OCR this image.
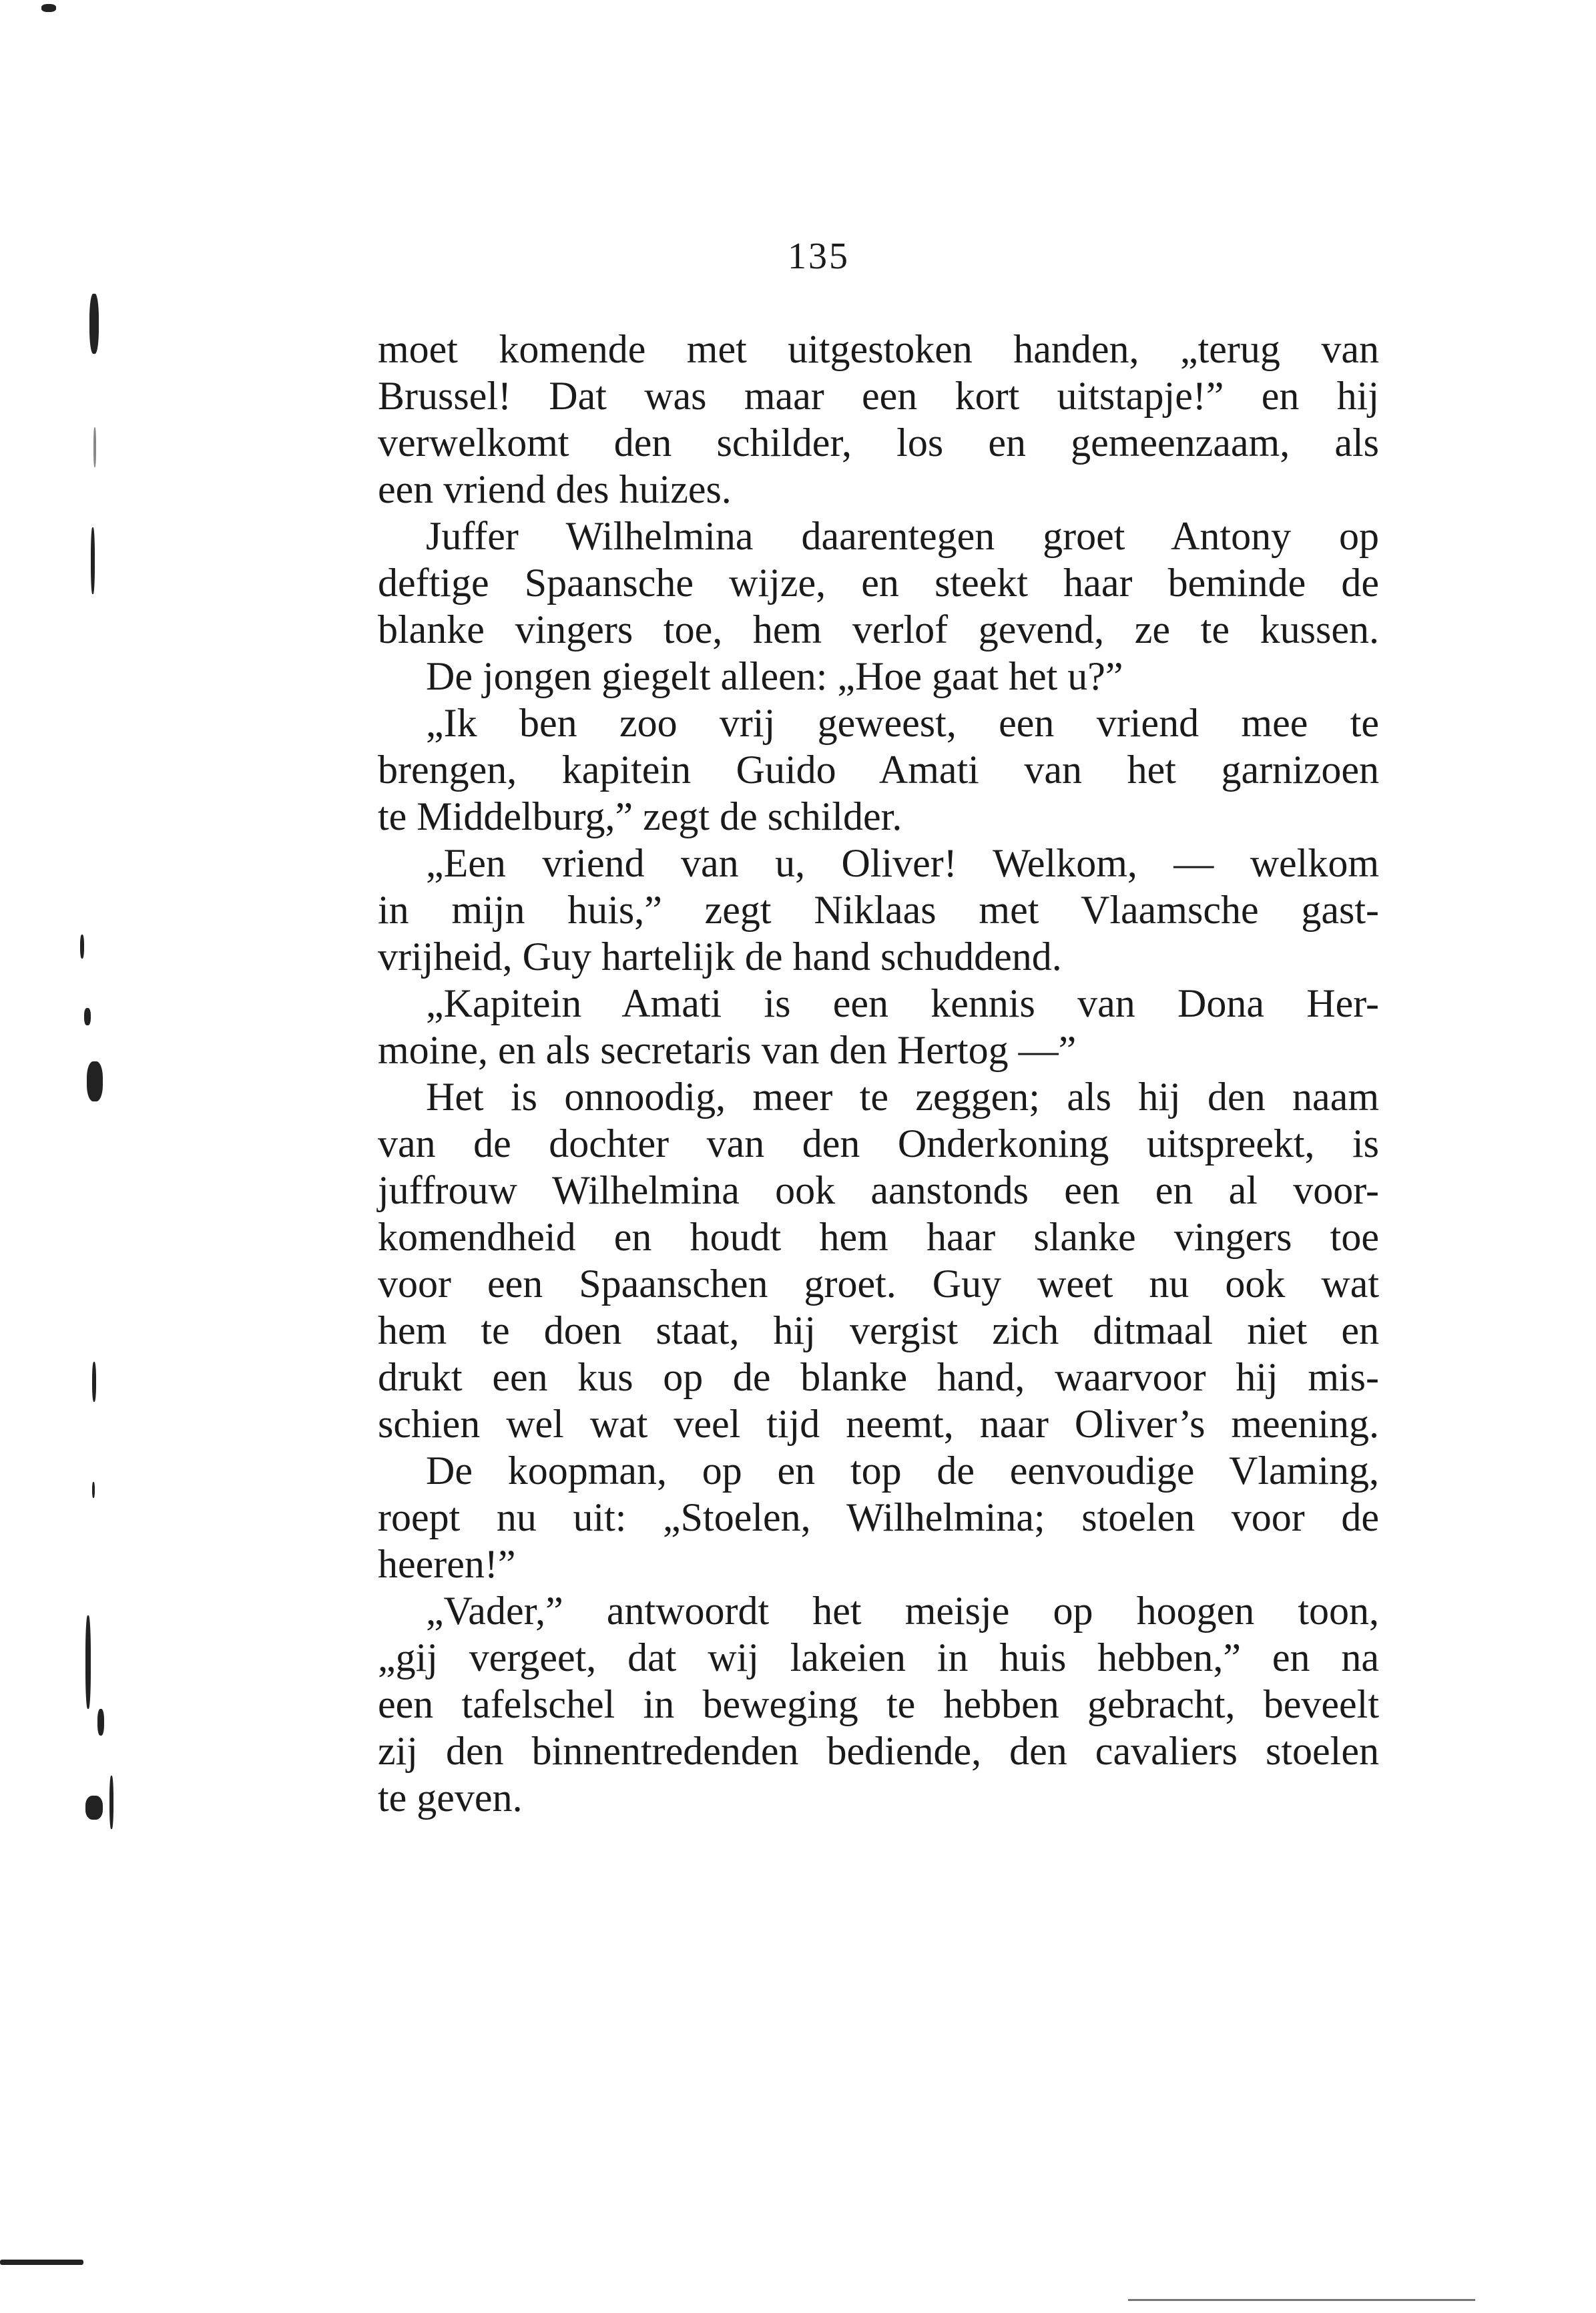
135
moet komende met uitgestoken handen, „terug van
Brussel! Dat was maar een kort uitstapje!” en hij
verwelkomt den schilder, los en gemeenzaam, als
een vriend des huizes.
Juffer Wilhelmina daarentegen groet Antony op
deftige Spaansche wijze, en steekt haar beminde de
blanke vingers toe, hem verlof gevend, ze te kussen.
De jongen giegelt alleen: „Hoe gaat het u?”
„Ik ben zoo vrij geweest, een vriend mee te
brengen, kapitein Guido Amati van het garnizoen
te Middelburg,” zegt de schilder.
„Een vriend van u, Oliver! Welkom, — welkom
in mijn huis,” zegt Niklaas met Vlaamsche gast-
vrijheid, Guy hartelijk de hand schuddend.
„Kapitein Amati is een kennis van Dona Her-
moine, en als secretaris van den Hertog —”
Het is onnoodig, meer te zeggen; als hij den naam
van de dochter van den Onderkoning uitspreekt, is
juffrouw Wilhelmina ook aanstonds een en al voor-
komendheid en houdt hem haar slanke vingers toe
voor een Spaanschen groet. Guy weet nu ook wat
hem te doen staat, hij vergist zich ditmaal niet en
drukt een kus op de blanke hand, waarvoor hij mis-
schien wel wat veel tijd neemt, naar Oliver’s meening.
De koopman, op en top de eenvoudige Vlaming,
roept nu uit: „Stoelen, Wilhelmina; stoelen voor de
heeren!”
„Vader,” antwoordt het meisje op hoogen toon,
„gij vergeet, dat wij lakeien in huis hebben,” en na
een tafelschel in beweging te hebben gebracht, beveelt
zij den binnentredenden bediende, den cavaliers stoelen
te geven.
